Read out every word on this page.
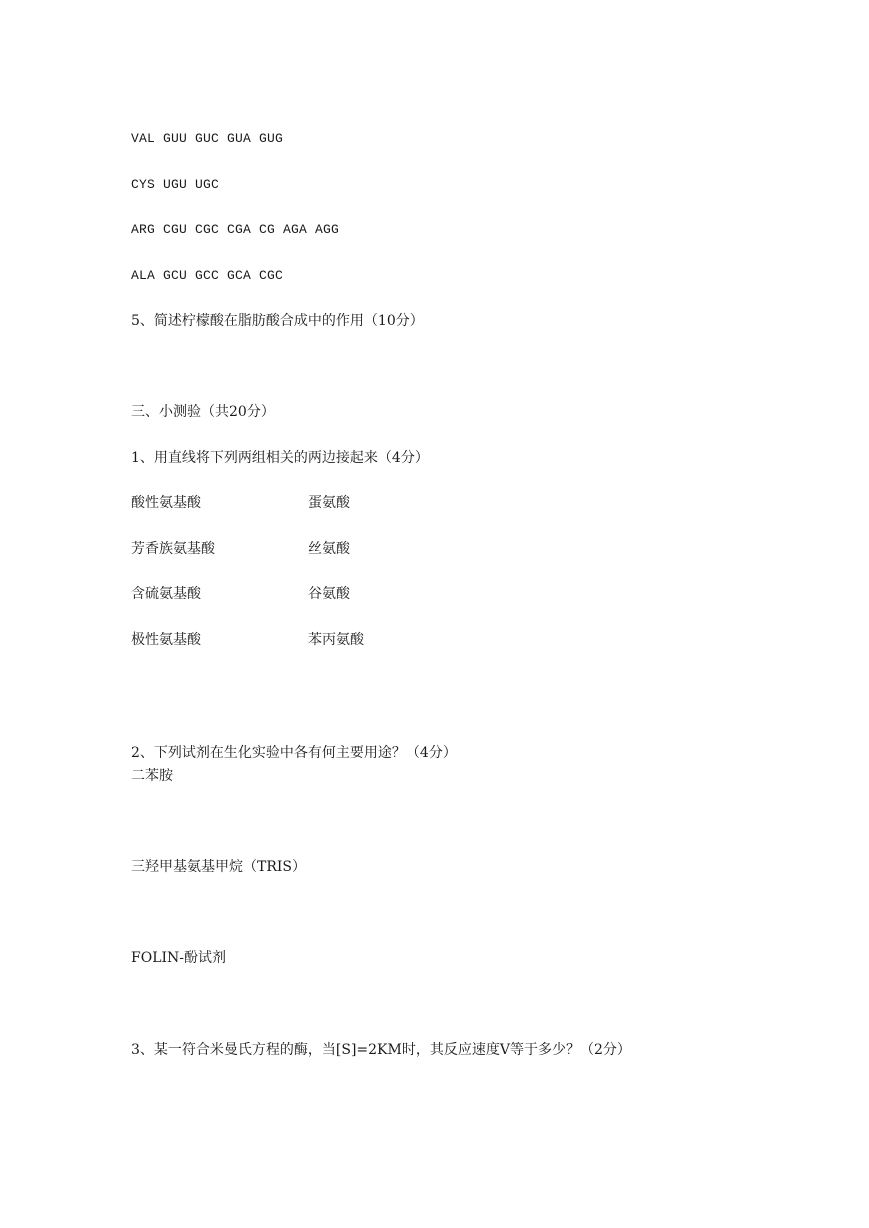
VAL GUU GUC GUA GUG
CYS UGU UGC
ARG CGU CGC CGA CG AGA AGG
ALA GCU GCC GCA CGC
5、简述柠檬酸在脂肪酸合成中的作用（10分）
三、小测验（共20分）
1、用直线将下列两组相关的两边接起来（4分）
酸性氨基酸	蛋氨酸
芳香族氨基酸	丝氨酸
含硫氨基酸	谷氨酸
极性氨基酸	苯丙氨酸
2、下列试剂在生化实验中各有何主要用途？（4分）
二苯胺
三羟甲基氨基甲烷（TRIS）
FOLIN-酚试剂
3、某一符合米曼氏方程的酶，当[S]=2KM时，其反应速度V等于多少？（2分）
